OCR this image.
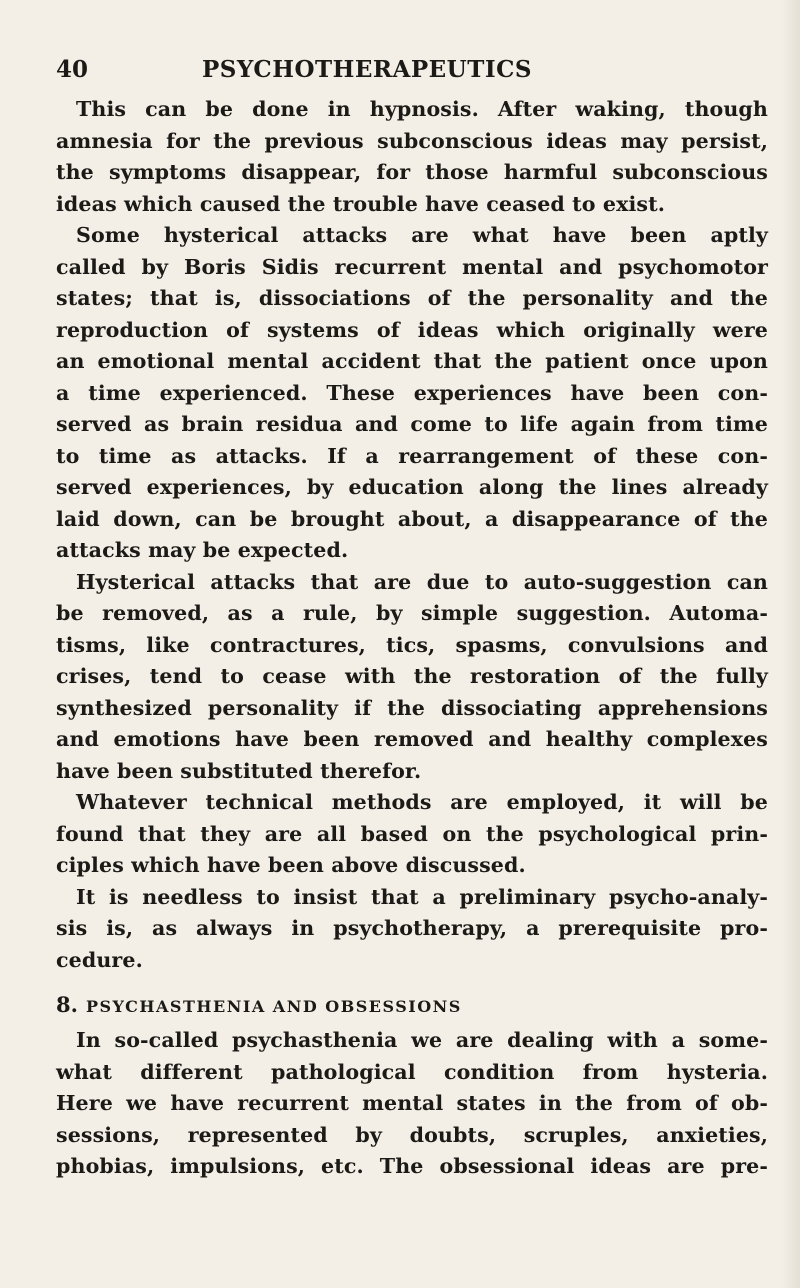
40	PSYCHOTHERAPEUTICS
This can be done in hypnosis. After waking, though
amnesia for the previous subconscious ideas may persist,
the symptoms disappear, for those harmful subconscious
ideas which caused the trouble have ceased to exist.
Some hysterical attacks are what have been aptly
called by Boris Sidis recurrent mental and psychomotor
states; that is, dissociations of the personality and the
reproduction of systems of ideas which originally were
an emotional mental accident that the patient once upon
a time experienced. These experiences have been con-
served as brain residua and come to life again from time
to time as attacks. If a rearrangement of these con-
served experiences, by education along the lines already
laid down, can be brought about, a disappearance of the
attacks may be expected.
Hysterical attacks that are due to auto-suggestion can
be removed, as a rule, by simple suggestion. Automa-
tisms, like contractures, tics, spasms, convulsions and
crises, tend to cease with the restoration of the fully
synthesized personality if the dissociating apprehensions
and emotions have been removed and healthy complexes
have been substituted therefor.
Whatever technical methods are employed, it will be
found that they are all based on the psychological prin-
ciples which have been above discussed.
It is needless to insist that a preliminary psycho-analy-
sis is, as always in psychotherapy, a prerequisite pro-
cedure.
8. PSYCHASTHENIA AND OBSESSIONS
In so-called psychasthenia we are dealing with a some-
what different pathological condition from hysteria.
Here we have recurrent mental states in the from of ob-
sessions, represented by doubts, scruples, anxieties,
phobias, impulsions, etc. The obsessional ideas are pre-
